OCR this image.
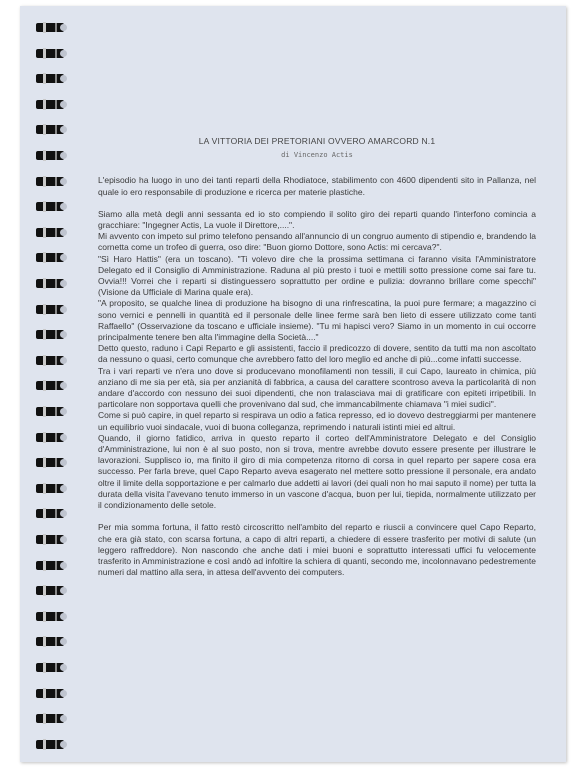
LA VITTORIA DEI PRETORIANI OVVERO AMARCORD N.1
di Vincenzo Actis

L'episodio ha luogo in uno dei tanti reparti della Rhodiatoce, stabilimento con 4600 dipendenti sito in Pallanza, nel quale io ero responsabile di produzione e ricerca per materie plastiche.

Siamo alla metà degli anni sessanta ed io sto compiendo il solito giro dei reparti quando l'interfono comincia a gracchiare: "Ingegner Actis, La vuole il Direttore,....".

Mi avvento con impeto sul primo telefono pensando all'annuncio di un congruo aumento di stipendio e, brandendo la cornetta come un trofeo di guerra, oso dire: "Buon giorno Dottore, sono Actis: mi cercava?".

"Sì Haro Hattis" (era un toscano). "Ti volevo dire che la prossima settimana ci faranno visita l'Amministratore Delegato ed il Consiglio di Amministrazione. Raduna al più presto i tuoi e mettili sotto pressione come sai fare tu. Ovvia!!! Vorrei che i reparti si distinguessero soprattutto per ordine e pulizia: dovranno brillare come specchi" (Visione da Ufficiale di Marina quale era).

"A proposito, se qualche linea di produzione ha bisogno di una rinfrescatina, la puoi pure fermare; a magazzino ci sono vernici e pennelli in quantità ed il personale delle linee ferme sarà ben lieto di essere utilizzato come tanti Raffaello" (Osservazione da toscano e ufficiale insieme). "Tu mi hapisci vero? Siamo in un momento in cui occorre principalmente tenere ben alta l'immagine della Società...."

Detto questo, raduno i Capi Reparto e gli assistenti, faccio il predicozzo di dovere, sentito da tutti ma non ascoltato da nessuno o quasi, certo comunque che avrebbero fatto del loro meglio ed anche di più...come infatti successe.

Tra i vari reparti ve n'era uno dove si producevano monofilamenti non tessili, il cui Capo, laureato in chimica, più anziano di me sia per età, sia per anzianità di fabbrica, a causa del carattere scontroso aveva la particolarità di non andare d'accordo con nessuno dei suoi dipendenti, che non tralasciava mai di gratificare con epiteti irripetibili. In particolare non sopportava quelli che provenivano dal sud, che immancabilmente chiamava "i miei sudici".

Come si può capire, in quel reparto si respirava un odio a fatica represso, ed io dovevo destreggiarmi per mantenere un equilibrio vuoi sindacale, vuoi di buona colleganza, reprimendo i naturali istinti miei ed altrui.

Quando, il giorno fatidico, arriva in questo reparto il corteo dell'Amministratore Delegato e del Consiglio d'Amministrazione, lui non è al suo posto, non si trova, mentre avrebbe dovuto essere presente per illustrare le lavorazioni. Supplisco io, ma finito il giro di mia competenza ritorno di corsa in quel reparto per sapere cosa era successo. Per farla breve, quel Capo Reparto aveva esagerato nel mettere sotto pressione il personale, era andato oltre il limite della sopportazione e per calmarlo due addetti ai lavori (dei quali non ho mai saputo il nome) per tutta la durata della visita l'avevano tenuto immerso in un vascone d'acqua, buon per lui, tiepida, normalmente utilizzato per il condizionamento delle setole.

Per mia somma fortuna, il fatto restò circoscritto nell'ambito del reparto e riuscii a convincere quel Capo Reparto, che era già stato, con scarsa fortuna, a capo di altri reparti, a chiedere di essere trasferito per motivi di salute (un leggero raffreddore). Non nascondo che anche dati i miei buoni e soprattutto interessati uffici fu velocemente trasferito in Amministrazione e così andò ad infoltire la schiera di quanti, secondo me, incolonnavano pedestremente numeri dal mattino alla sera, in attesa dell'avvento dei computers.
